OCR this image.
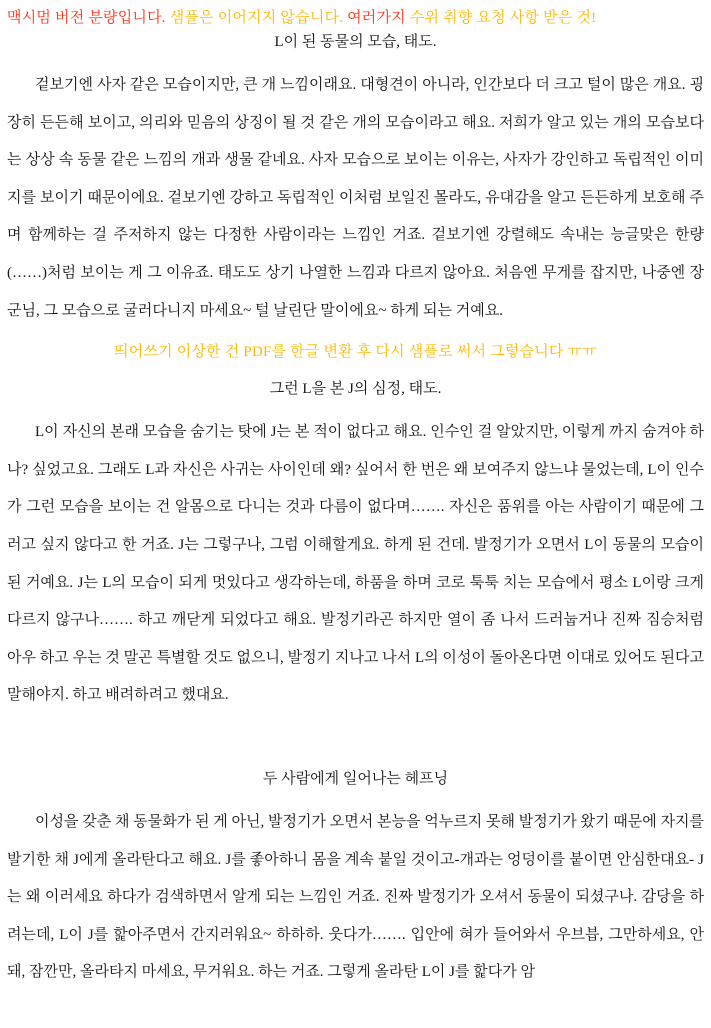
맥시멈 버전 분량입니다. 샘플은 이어지지 않습니다. 여러가지 수위 취향 요청 사항 받은 것!
L이 된 동물의 모습, 태도.
겉보기엔 사자 같은 모습이지만, 큰 개 느낌이래요. 대형견이 아니라, 인간보다 더 크고 털이 많은 개요. 굉장히 든든해 보이고, 의리와 믿음의 상징이 될 것 같은 개의 모습이라고 해요. 저희가 알고 있는 개의 모습보다는 상상 속 동물 같은 느낌의 개과 생물 같네요. 사자 모습으로 보이는 이유는, 사자가 강인하고 독립적인 이미지를 보이기 때문이에요. 겉보기엔 강하고 독립적인 이처럼 보일진 몰라도, 유대감을 알고 든든하게 보호해 주며 함께하는 걸 주저하지 않는 다정한 사람이라는 느낌인 거죠. 겉보기엔 강렬해도 속내는 능글맞은 한량(……)처럼 보이는 게 그 이유죠. 태도도 상기 나열한 느낌과 다르지 않아요. 처음엔 무게를 잡지만, 나중엔 장군님, 그 모습으로 굴러다니지 마세요~ 털 날린단 말이에요~ 하게 되는 거예요.
띄어쓰기 이상한 건 PDF를 한글 변환 후 다시 샘플로 써서 그렇습니다 ㅠㅠ
그런 L을 본 J의 심정, 태도.
L이 자신의 본래 모습을 숨기는 탓에 J는 본 적이 없다고 해요. 인수인 걸 알았지만, 이렇게 까지 숨겨야 하나? 싶었고요. 그래도 L과 자신은 사귀는 사이인데 왜? 싶어서 한 번은 왜 보여주지 않느냐 물었는데, L이 인수가 그런 모습을 보이는 건 알몸으로 다니는 것과 다름이 없다며……. 자신은 품위를 아는 사람이기 때문에 그러고 싶지 않다고 한 거죠. J는 그렇구나, 그럼 이해할게요. 하게 된 건데. 발정기가 오면서 L이 동물의 모습이 된 거예요. J는 L의 모습이 되게 멋있다고 생각하는데, 하품을 하며 코로 툭툭 치는 모습에서 평소 L이랑 크게 다르지 않구나……. 하고 깨닫게 되었다고 해요. 발정기라곤 하지만 열이 좀 나서 드러눕거나 진짜 짐승처럼 아우 하고 우는 것 말곤 특별할 것도 없으니, 발정기 지나고 나서 L의 이성이 돌아온다면 이대로 있어도 된다고 말해야지. 하고 배려하려고 했대요.
두 사람에게 일어나는 헤프닝
이성을 갖춘 채 동물화가 된 게 아닌, 발정기가 오면서 본능을 억누르지 못해 발정기가 왔기 때문에 자지를 발기한 채 J에게 올라탄다고 해요. J를 좋아하니 몸을 계속 붙일 것이고-개과는 엉덩이를 붙이면 안심한대요- J는 왜 이러세요 하다가 검색하면서 알게 되는 느낌인 거죠. 진짜 발정기가 오셔서 동물이 되셨구나. 감당을 하려는데, L이 J를 핥아주면서 간지러워요~ 하하하. 웃다가……. 입안에 혀가 들어와서 우브븝, 그만하세요, 안 돼, 잠깐만, 올라타지 마세요, 무거워요. 하는 거죠. 그렇게 올라탄 L이 J를 핥다가 암
